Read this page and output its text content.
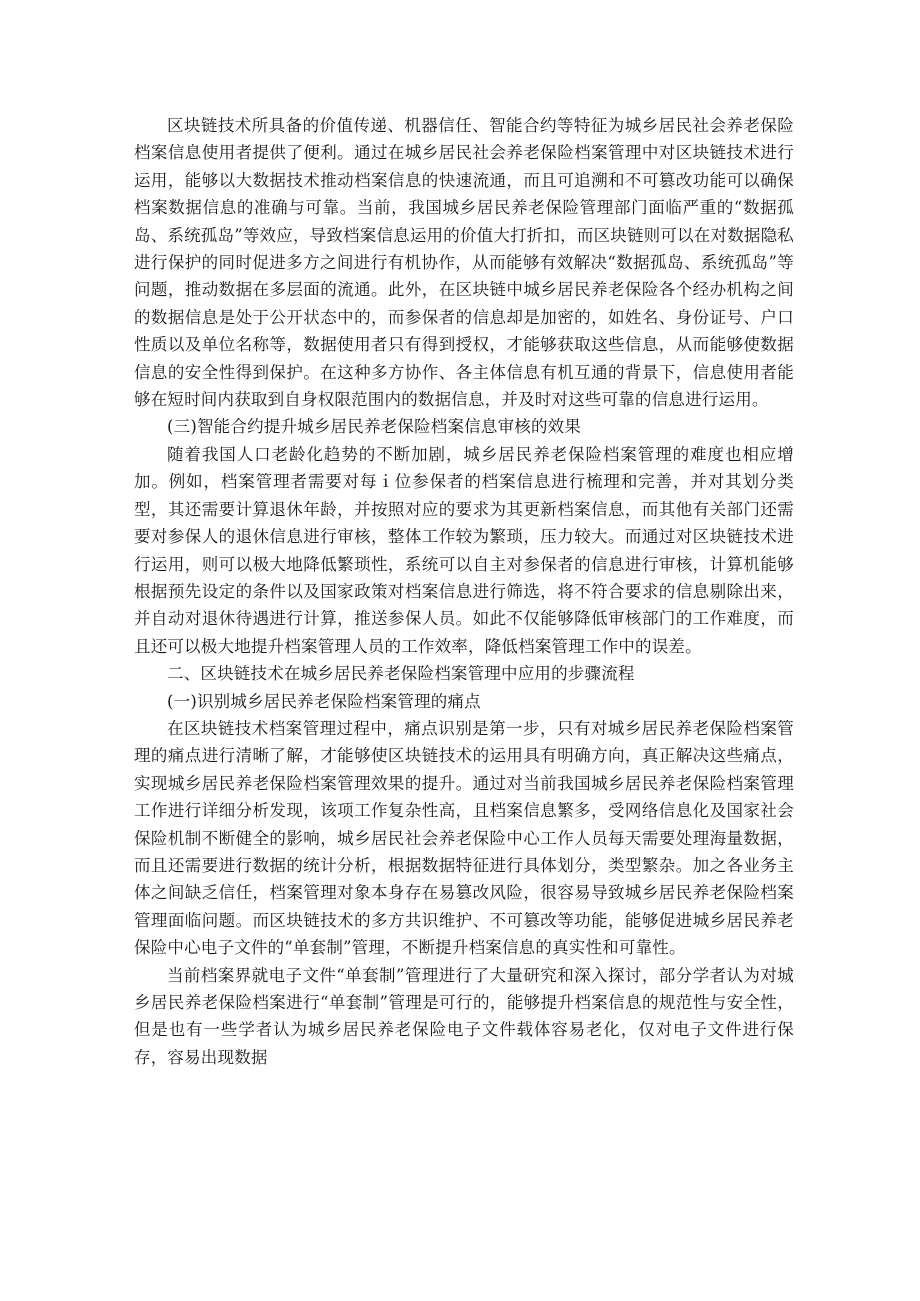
区块链技术所具备的价值传递、机器信任、智能合约等特征为城乡居民社会养老保险档案信息使用者提供了便利。通过在城乡居民社会养老保险档案管理中对区块链技术进行运用，能够以大数据技术推动档案信息的快速流通，而且可追溯和不可篡改功能可以确保档案数据信息的准确与可靠。当前，我国城乡居民养老保险管理部门面临严重的“数据孤岛、系统孤岛”等效应，导致档案信息运用的价值大打折扣，而区块链则可以在对数据隐私进行保护的同时促进多方之间进行有机协作，从而能够有效解决“数据孤岛、系统孤岛”等问题，推动数据在多层面的流通。此外，在区块链中城乡居民养老保险各个经办机构之间的数据信息是处于公开状态中的，而参保者的信息却是加密的，如姓名、身份证号、户口性质以及单位名称等，数据使用者只有得到授权，才能够获取这些信息，从而能够使数据信息的安全性得到保护。在这种多方协作、各主体信息有机互通的背景下，信息使用者能够在短时间内获取到自身权限范围内的数据信息，并及时对这些可靠的信息进行运用。

(三)智能合约提升城乡居民养老保险档案信息审核的效果

随着我国人口老龄化趋势的不断加剧，城乡居民养老保险档案管理的难度也相应增加。例如，档案管理者需要对每ｉ位参保者的档案信息进行梳理和完善，并对其划分类型，其还需要计算退休年龄，并按照对应的要求为其更新档案信息，而其他有关部门还需要对参保人的退休信息进行审核，整体工作较为繁琐，压力较大。而通过对区块链技术进行运用，则可以极大地降低繁琐性，系统可以自主对参保者的信息进行审核，计算机能够根据预先设定的条件以及国家政策对档案信息进行筛选，将不符合要求的信息剔除出来，并自动对退休待遇进行计算，推送参保人员。如此不仅能够降低审核部门的工作难度，而且还可以极大地提升档案管理人员的工作效率，降低档案管理工作中的误差。

二、区块链技术在城乡居民养老保险档案管理中应用的步骤流程

(一)识别城乡居民养老保险档案管理的痛点

在区块链技术档案管理过程中，痛点识别是第一步，只有对城乡居民养老保险档案管理的痛点进行清晰了解，才能够使区块链技术的运用具有明确方向，真正解决这些痛点，实现城乡居民养老保险档案管理效果的提升。通过对当前我国城乡居民养老保险档案管理工作进行详细分析发现，该项工作复杂性高，且档案信息繁多，受网络信息化及国家社会保险机制不断健全的影响，城乡居民社会养老保险中心工作人员每天需要处理海量数据，而且还需要进行数据的统计分析，根据数据特征进行具体划分，类型繁杂。加之各业务主体之间缺乏信任，档案管理对象本身存在易篡改风险，很容易导致城乡居民养老保险档案管理面临问题。而区块链技术的多方共识维护、不可篡改等功能，能够促进城乡居民养老保险中心电子文件的“单套制”管理，不断提升档案信息的真实性和可靠性。

当前档案界就电子文件“单套制”管理进行了大量研究和深入探讨，部分学者认为对城乡居民养老保险档案进行“单套制”管理是可行的，能够提升档案信息的规范性与安全性，但是也有一些学者认为城乡居民养老保险电子文件载体容易老化，仅对电子文件进行保存，容易出现数据
